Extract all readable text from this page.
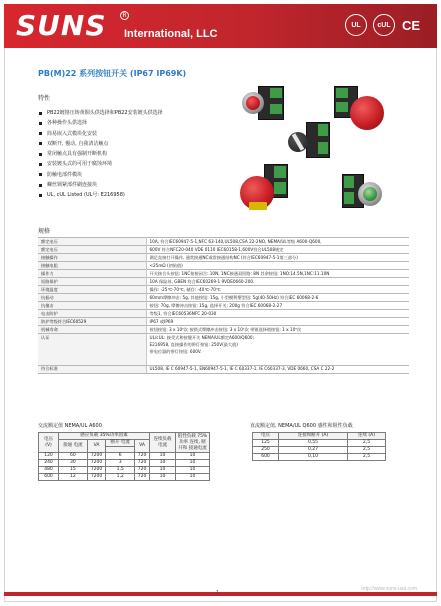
SUNS	R
International, LLC
UL	cUL CE
PB(M)22 系列按钮开关 (IP67 IP69K)
特性
PB22镀铬压铸黄铜头供选择和PB22安装镀头供选择
各种操作头供选择
简易嵌入式模块化安装
双断开, 慢动, 自我清洁触点
常闭触点具有强制开断机构
安装镀头式的可用于腐蚀环境
防触电部件模块
螺丝锁紧部件刷连接块
UL, cUL Listed (UL号: E216958)
规格
额定电压	10A, 符合IEC60947-5-1,NFC 63-140,UL508,CSA 22-2NO, NEMA/UL等级 A600-Q600,
额定电压	600V 符合NFC20-040 VDE 0110 IEC60158-1,600V符合UL508规定
接触操作	满足直接打开操作, 通常接通NC或常接通结构NC (符合IEC60947-5-1第三部分)
接触电阻	<25mΩ (初始值)
操作力	开关接合头按钮: 1NC按接闭合: 10N, 1NC接通双回路: 8N 其余按钮: 1NO:14.5N,1NC:11.10N
短路保护	10A 保险丝, GBEN 符合IEC60269-1 9VDE0660-200.
环境温度	操作: -25℃-70℃, 储存: -40℃-70℃
抗振动	60mm摩擦冲击: 5g, 其他按钮: 15g, 小型模利塑型钮: 5g(40-50Hz) 符合IEC 60068-2-6
抗撞击	按钮: 70g, 摩擦冲击按钮: 15g, 选择开关: 200g 符合IEC 60068-2-27
电击防护	等级1, 符合IEC60536NFC 20-030
防护等级符合IEC60529	IP67 或IP69
机械寿命	按钮按钮: 3 x 10⁶次 按锁式摩擦冲击按钮: 3 x 10⁵次 带锁选择锁按钮: 1 x 10⁶次
认证	UL/cUL: 接受式和按键开关 NEMA/UL额定A600/Q600;
	E216958, 直接操作的带灯按钮: 250V(最大值)
	带电位器的带灯按钮: 600V.

符合标准	UL508, IE C 60947-5-1, EN60947-5-1, IE C 60337-1, IE C60337-3, VDE 0660, CSA C 22-2
交流额定值 NEMA/UL A600
电压 (V)	感应负载 35%功率因素				连续负载 电流	阻性负载 75%功率 连续, 断开和 接通电流
	接通 电流	VA	断开 电流	VA		

120	60	7200	6	720	10	10
240	30	7200	3	720	10	10
480	15	7200	1,5	720	10	10
600	12	7200	1,2	720	10	10
直流额定值, NEMA/UL Q600 感性和阻性负载
电压	连接和断开 (A)	连续 (A)
125	0,55	2,5
250	0,27	2,5
600	0,10	2,5
http://www.suns-usa.com
1
